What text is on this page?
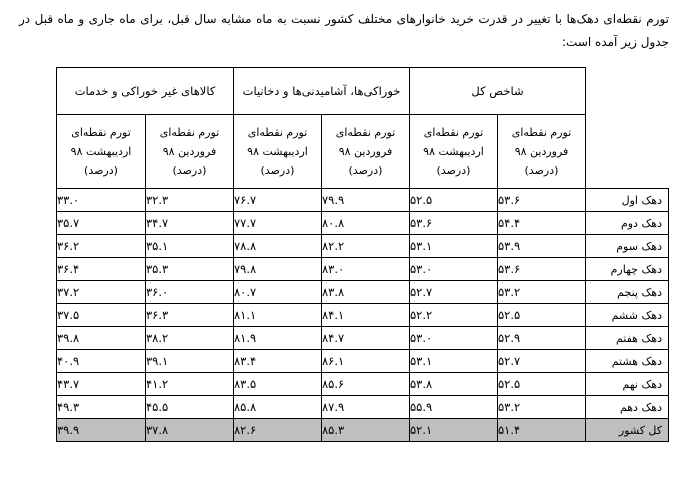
تورم نقطه‌ای دهک‌ها با تغییر در قدرت خرید خانوارهای مختلف کشور نسبت به ماه مشابه سال قبل، برای ماه جاری و ماه قبل در جدول زیر آمده است:
	شاخص کل		خوراکی‌ها، آشامیدنی‌ها و دخانیات		کالاهای غیر خوراکی و خدمات	

	تورم نقطه‌ای
فروردین ۹۸
(درصد)	تورم نقطه‌ای
اردیبهشت ۹۸
(درصد)	تورم نقطه‌ای
فروردین ۹۸
(درصد)	تورم نقطه‌ای
اردیبهشت ۹۸
(درصد)	تورم نقطه‌ای
فروردین ۹۸
(درصد)	تورم نقطه‌ای
اردیبهشت ۹۸
(درصد)

دهک اول	۵۳.۶	۵۲.۵	۷۹.۹	۷۶.۷	۳۲.۳	۳۳.۰
دهک دوم	۵۴.۴	۵۳.۶	۸۰.۸	۷۷.۷	۳۴.۷	۳۵.۷
دهک سوم	۵۳.۹	۵۳.۱	۸۲.۲	۷۸.۸	۳۵.۱	۳۶.۲
دهک چهارم	۵۳.۶	۵۳.۰	۸۳.۰	۷۹.۸	۳۵.۳	۳۶.۴
دهک پنجم	۵۳.۲	۵۲.۷	۸۳.۸	۸۰.۷	۳۶.۰	۳۷.۲
دهک ششم	۵۲.۵	۵۲.۲	۸۴.۱	۸۱.۱	۳۶.۳	۳۷.۵
دهک هفتم	۵۲.۹	۵۳.۰	۸۴.۷	۸۱.۹	۳۸.۲	۳۹.۸
دهک هشتم	۵۲.۷	۵۳.۱	۸۶.۱	۸۳.۴	۳۹.۱	۴۰.۹
دهک نهم	۵۲.۵	۵۳.۸	۸۵.۶	۸۳.۵	۴۱.۲	۴۳.۷
دهک دهم	۵۳.۲	۵۵.۹	۸۷.۹	۸۵.۸	۴۵.۵	۴۹.۳
کل کشور	۵۱.۴	۵۲.۱	۸۵.۳	۸۲.۶	۳۷.۸	۳۹.۹
